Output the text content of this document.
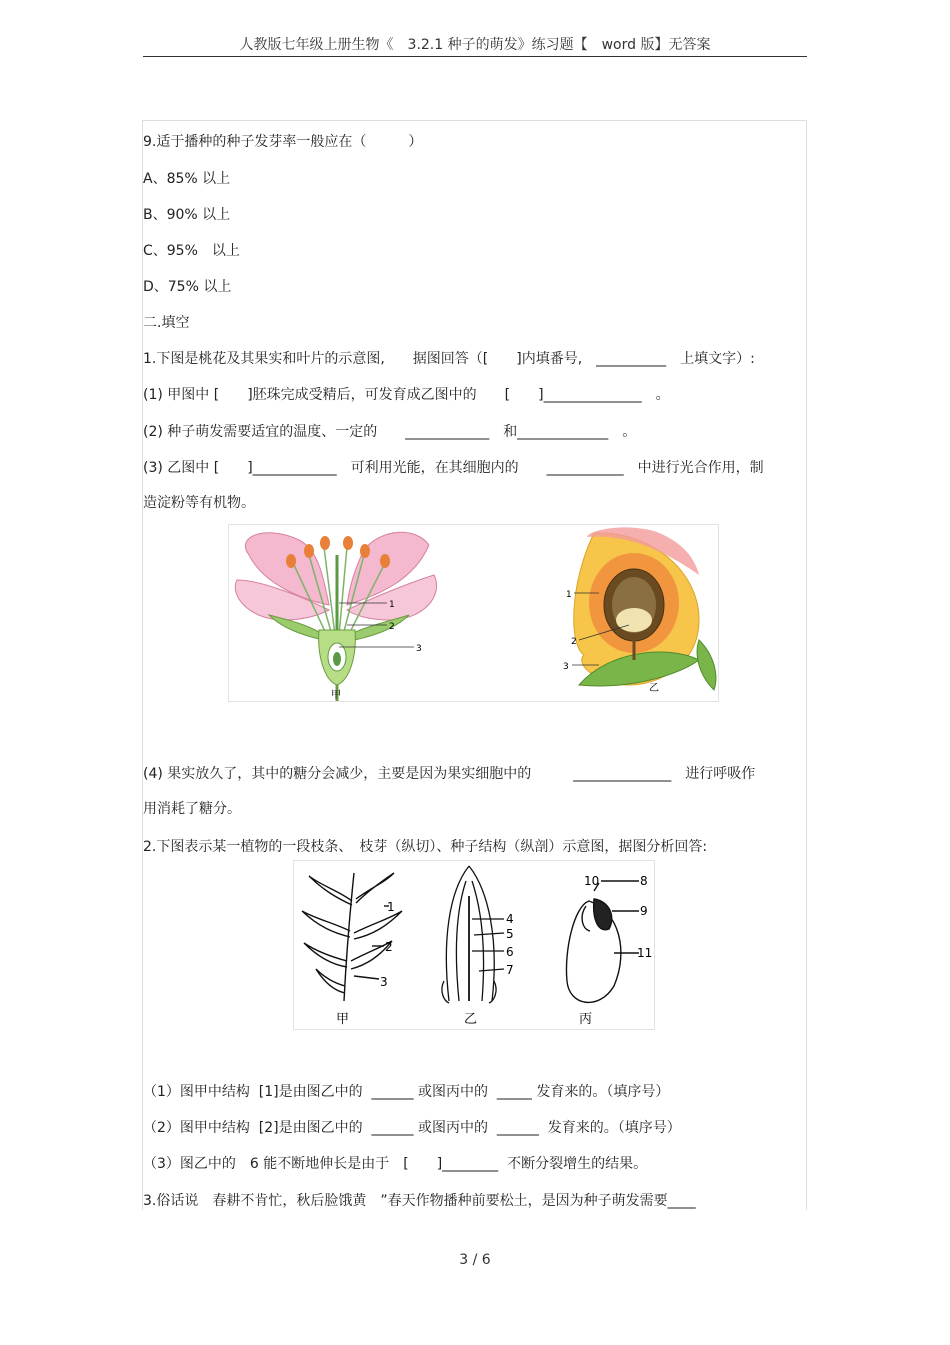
人教版七年级上册生物《　3.2.1 种子的萌发》练习题【　word 版】无答案
9.适于播种的种子发芽率一般应在（　　　）
A、85% 以上
B、90% 以上
C、95%　以上
D、75% 以上
二.填空
1.下图是桃花及其果实和叶片的示意图,　　据图回答（[　　]内填番号,　__________　上填文字）:
(1) 甲图中 [　　]胚珠完成受精后，可发育成乙图中的　　[　　]______________　。
(2) 种子萌发需要适宜的温度、一定的　　____________　和_____________　。
(3) 乙图中 [　　]____________　可利用光能，在其细胞内的　　___________　中进行光合作用，制
造淀粉等有机物。
1
2
3
甲
1
2
3
乙
(4) 果实放久了，其中的糖分会减少，主要是因为果实细胞中的　　　______________　进行呼吸作
用消耗了糖分。
2.下图表示某一植物的一段枝条、　枝芽（纵切）、种子结构（纵剖）示意图，据图分析回答:
1
2
3
甲
4
5
6
7
乙
10	8
9
11
丙
（1）图甲中结构  [1]是由图乙中的  ______ 或图丙中的  _____ 发育来的。（填序号）
（2）图甲中结构  [2]是由图乙中的  ______ 或图丙中的  ______  发育来的。（填序号）
（3）图乙中的　6 能不断地伸长是由于　[　　]________  不断分裂增生的结果。
3.俗话说　春耕不肯忙，秋后脸饿黄　”春天作物播种前要松土，是因为种子萌发需要____
3 / 6
